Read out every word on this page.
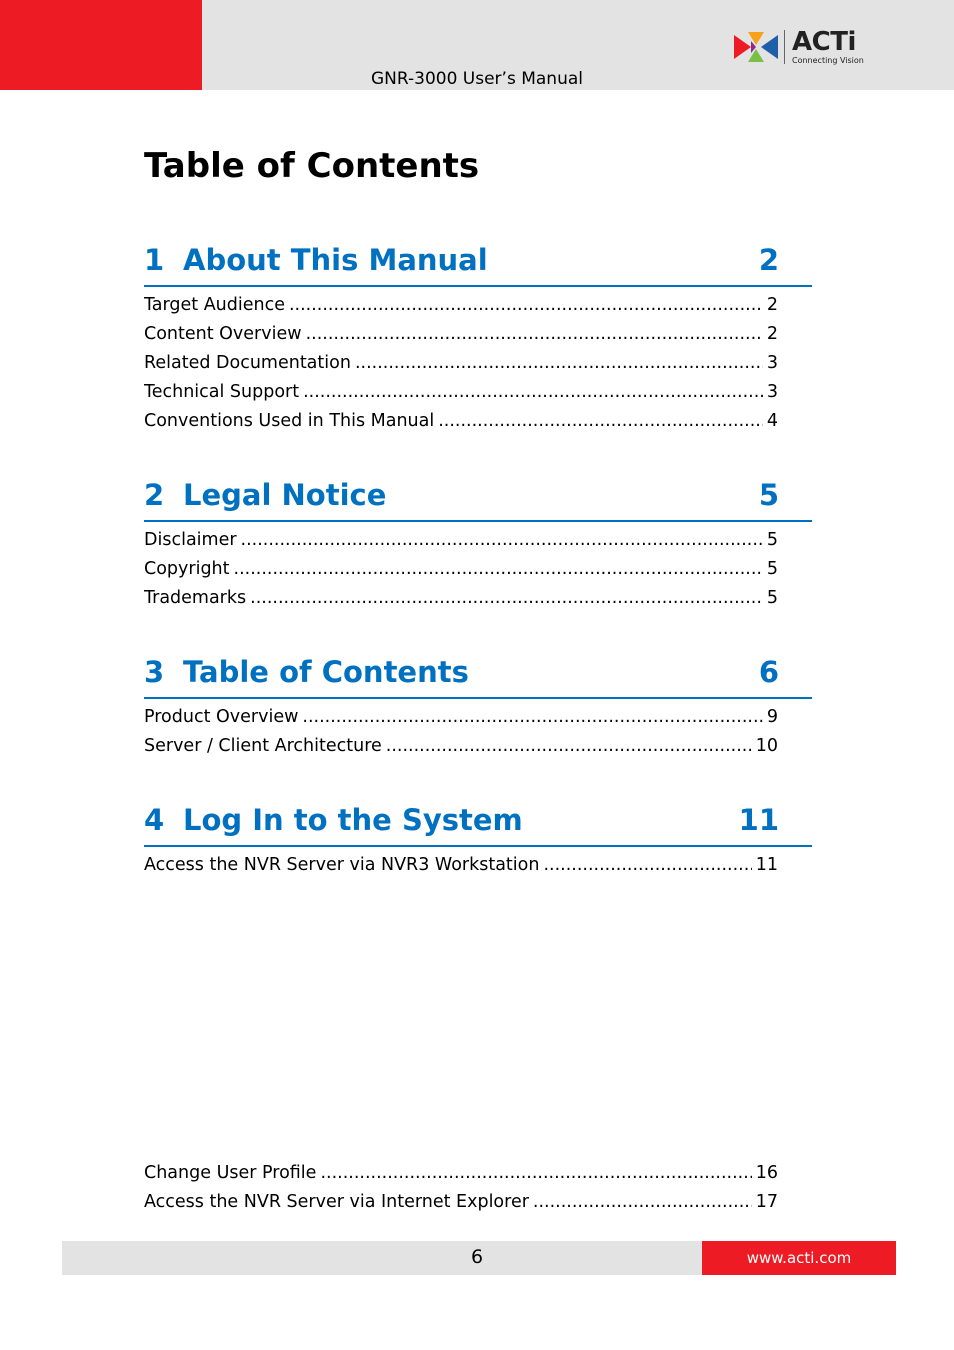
GNR-3000 User’s Manual
ACTi
Connecting Vision
Table of Contents
1 About This Manual	2
Target Audience .....	2
Content Overview .....	2
Related Documentation .....	3
Technical Support .....	3
Conventions Used in This Manual .....	4
2 Legal Notice	5
Disclaimer .....	5
Copyright .....	5
Trademarks .....	5
3 Table of Contents	6
Product Overview .....	9
Server / Client Architecture .....	10
4 Log In to the System	11
Access the NVR Server via NVR3 Workstation .....	11
Change User Profile .....	16
Access the NVR Server via Internet Explorer .....	17
6	www.acti.com
